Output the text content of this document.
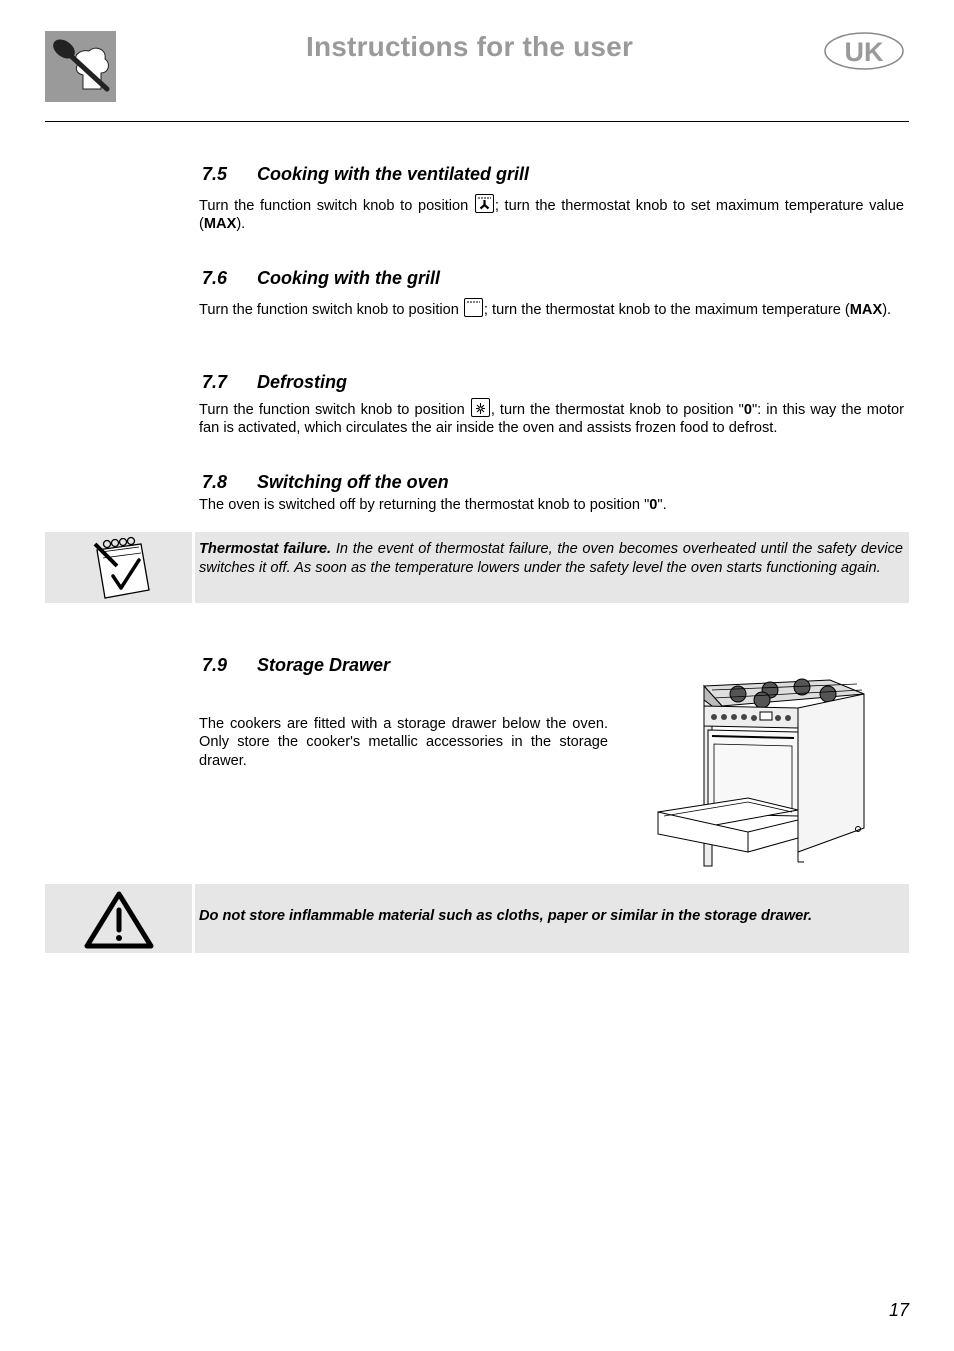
Instructions for the user	UK
7.5 Cooking with the ventilated grill
Turn the function switch knob to position
; turn the thermostat knob to set maximum temperature value (MAX).
7.6 Cooking with the grill
Turn the function switch knob to position
; turn the thermostat knob to the maximum temperature (MAX).
7.7 Defrosting
Turn the function switch knob to position
, turn the thermostat knob to position "0": in this way the motor fan is activated, which circulates the air inside the oven and assists frozen food to defrost.
7.8 Switching off the oven
The oven is switched off by returning the thermostat knob to position "0".
Thermostat failure. In the event of thermostat failure, the oven becomes overheated until the safety device switches it off. As soon as the temperature lowers under the safety level the oven starts functioning again.
7.9 Storage Drawer
The cookers are fitted with a storage drawer below the oven. Only store the cooker's metallic accessories in the storage drawer.
Do not store inflammable material such as cloths, paper or similar in the storage drawer.
17
